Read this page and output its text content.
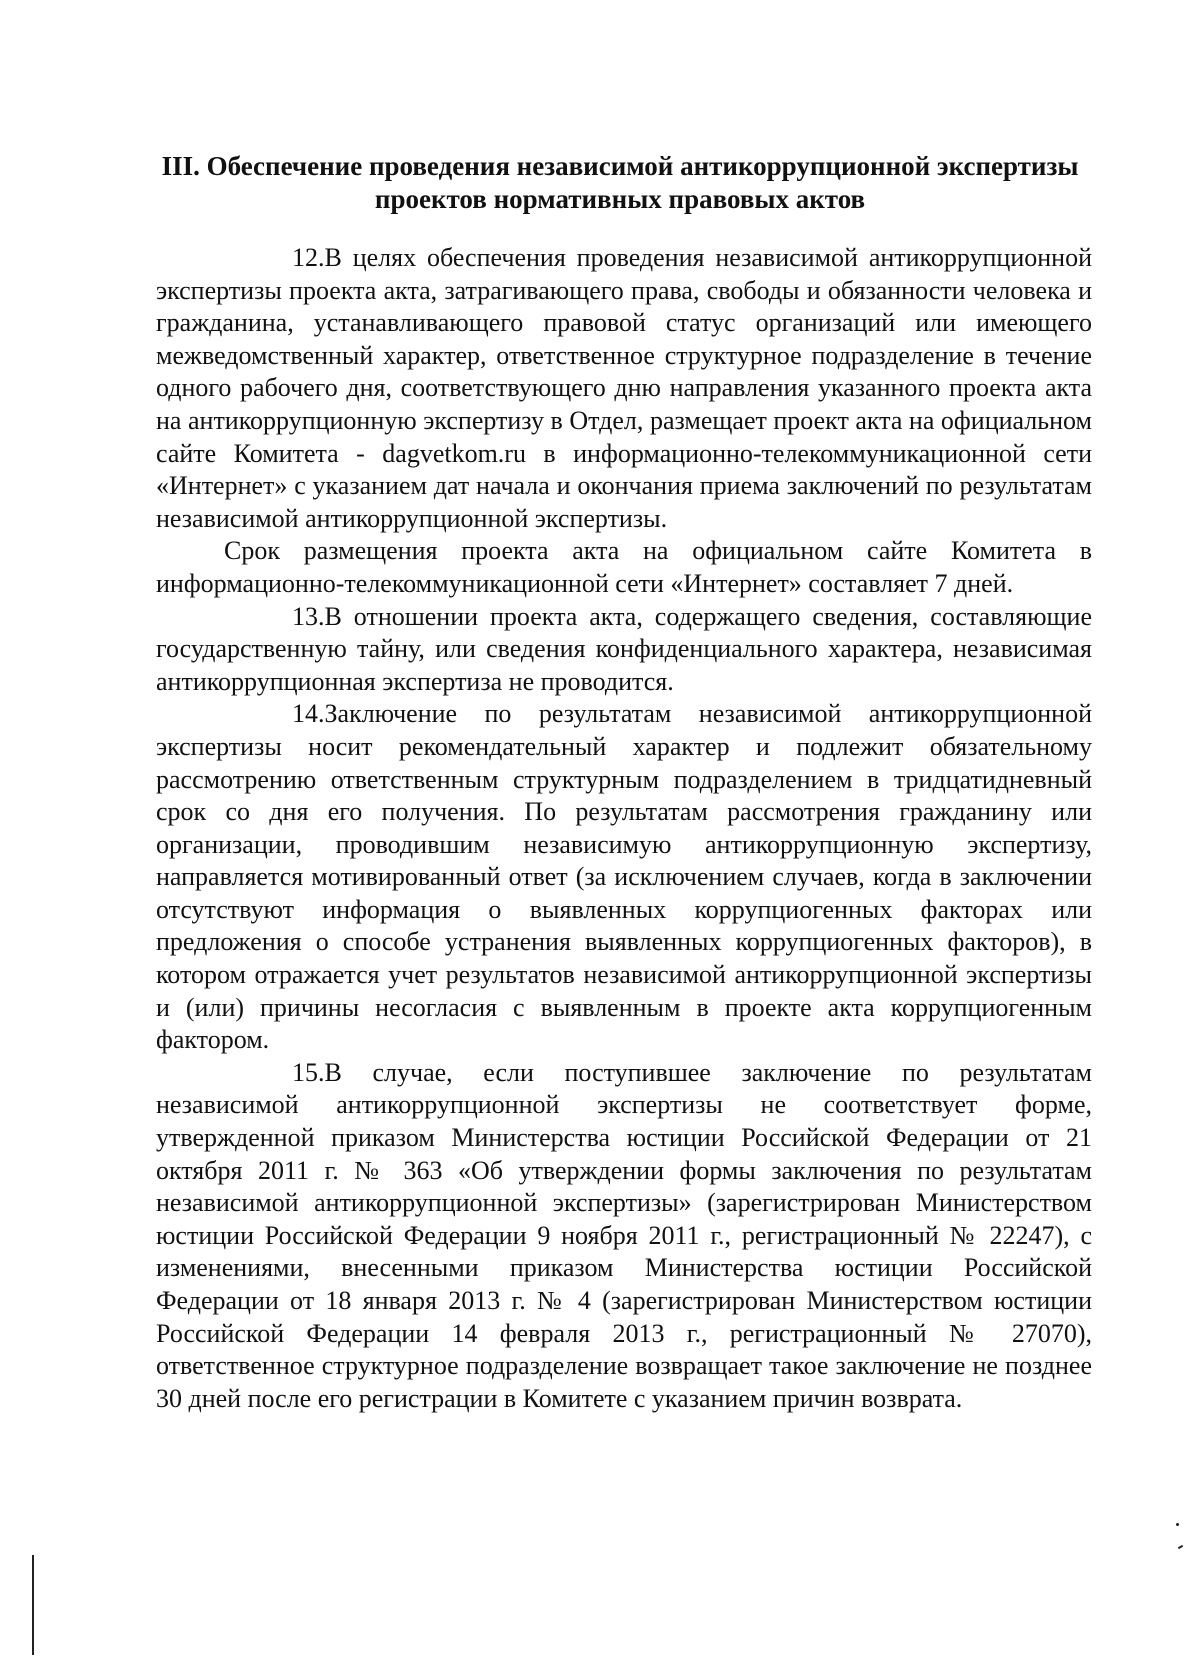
III. Обеспечение проведения независимой антикоррупционной экспертизы
проектов нормативных правовых актов

12.В целях обеспечения проведения независимой антикоррупционной экспертизы проекта акта, затрагивающего права, свободы и обязанности человека и гражданина, устанавливающего правовой статус организаций или имеющего межведомственный характер, ответственное структурное подразделение в течение одного рабочего дня, соответствующего дню направления указанного проекта акта на антикоррупционную экспертизу в Отдел, размещает проект акта на официальном сайте Комитета - dagvetkom.ru в информационно-телекоммуникационной сети «Интернет» с указанием дат начала и окончания приема заключений по результатам независимой антикоррупционной экспертизы.

Срок размещения проекта акта на официальном сайте Комитета в информационно-телекоммуникационной сети «Интернет» составляет 7 дней.

13.В отношении проекта акта, содержащего сведения, составляющие государственную тайну, или сведения конфиденциального характера, независимая антикоррупционная экспертиза не проводится.

14.Заключение по результатам независимой антикоррупционной экспертизы носит рекомендательный характер и подлежит обязательному рассмотрению ответственным структурным подразделением в тридцатидневный срок со дня его получения. По результатам рассмотрения гражданину или организации, проводившим независимую антикоррупционную экспертизу, направляется мотивированный ответ (за исключением случаев, когда в заключении отсутствуют информация о выявленных коррупциогенных факторах или предложения о способе устранения выявленных коррупциогенных факторов), в котором отражается учет результатов независимой антикоррупционной экспертизы и (или) причины несогласия с выявленным в проекте акта коррупциогенным фактором.

15.В случае, если поступившее заключение по результатам независимой антикоррупционной экспертизы не соответствует форме, утвержденной приказом Министерства юстиции Российской Федерации от 21 октября 2011 г. № 363 «Об утверждении формы заключения по результатам независимой антикоррупционной экспертизы» (зарегистрирован Министерством юстиции Российской Федерации 9 ноября 2011 г., регистрационный № 22247), с изменениями, внесенными приказом Министерства юстиции Российской Федерации от 18 января 2013 г. № 4 (зарегистрирован Министерством юстиции Российской Федерации 14 февраля 2013 г., регистрационный № 27070), ответственное структурное подразделение возвращает такое заключение не позднее 30 дней после его регистрации в Комитете с указанием причин возврата.
